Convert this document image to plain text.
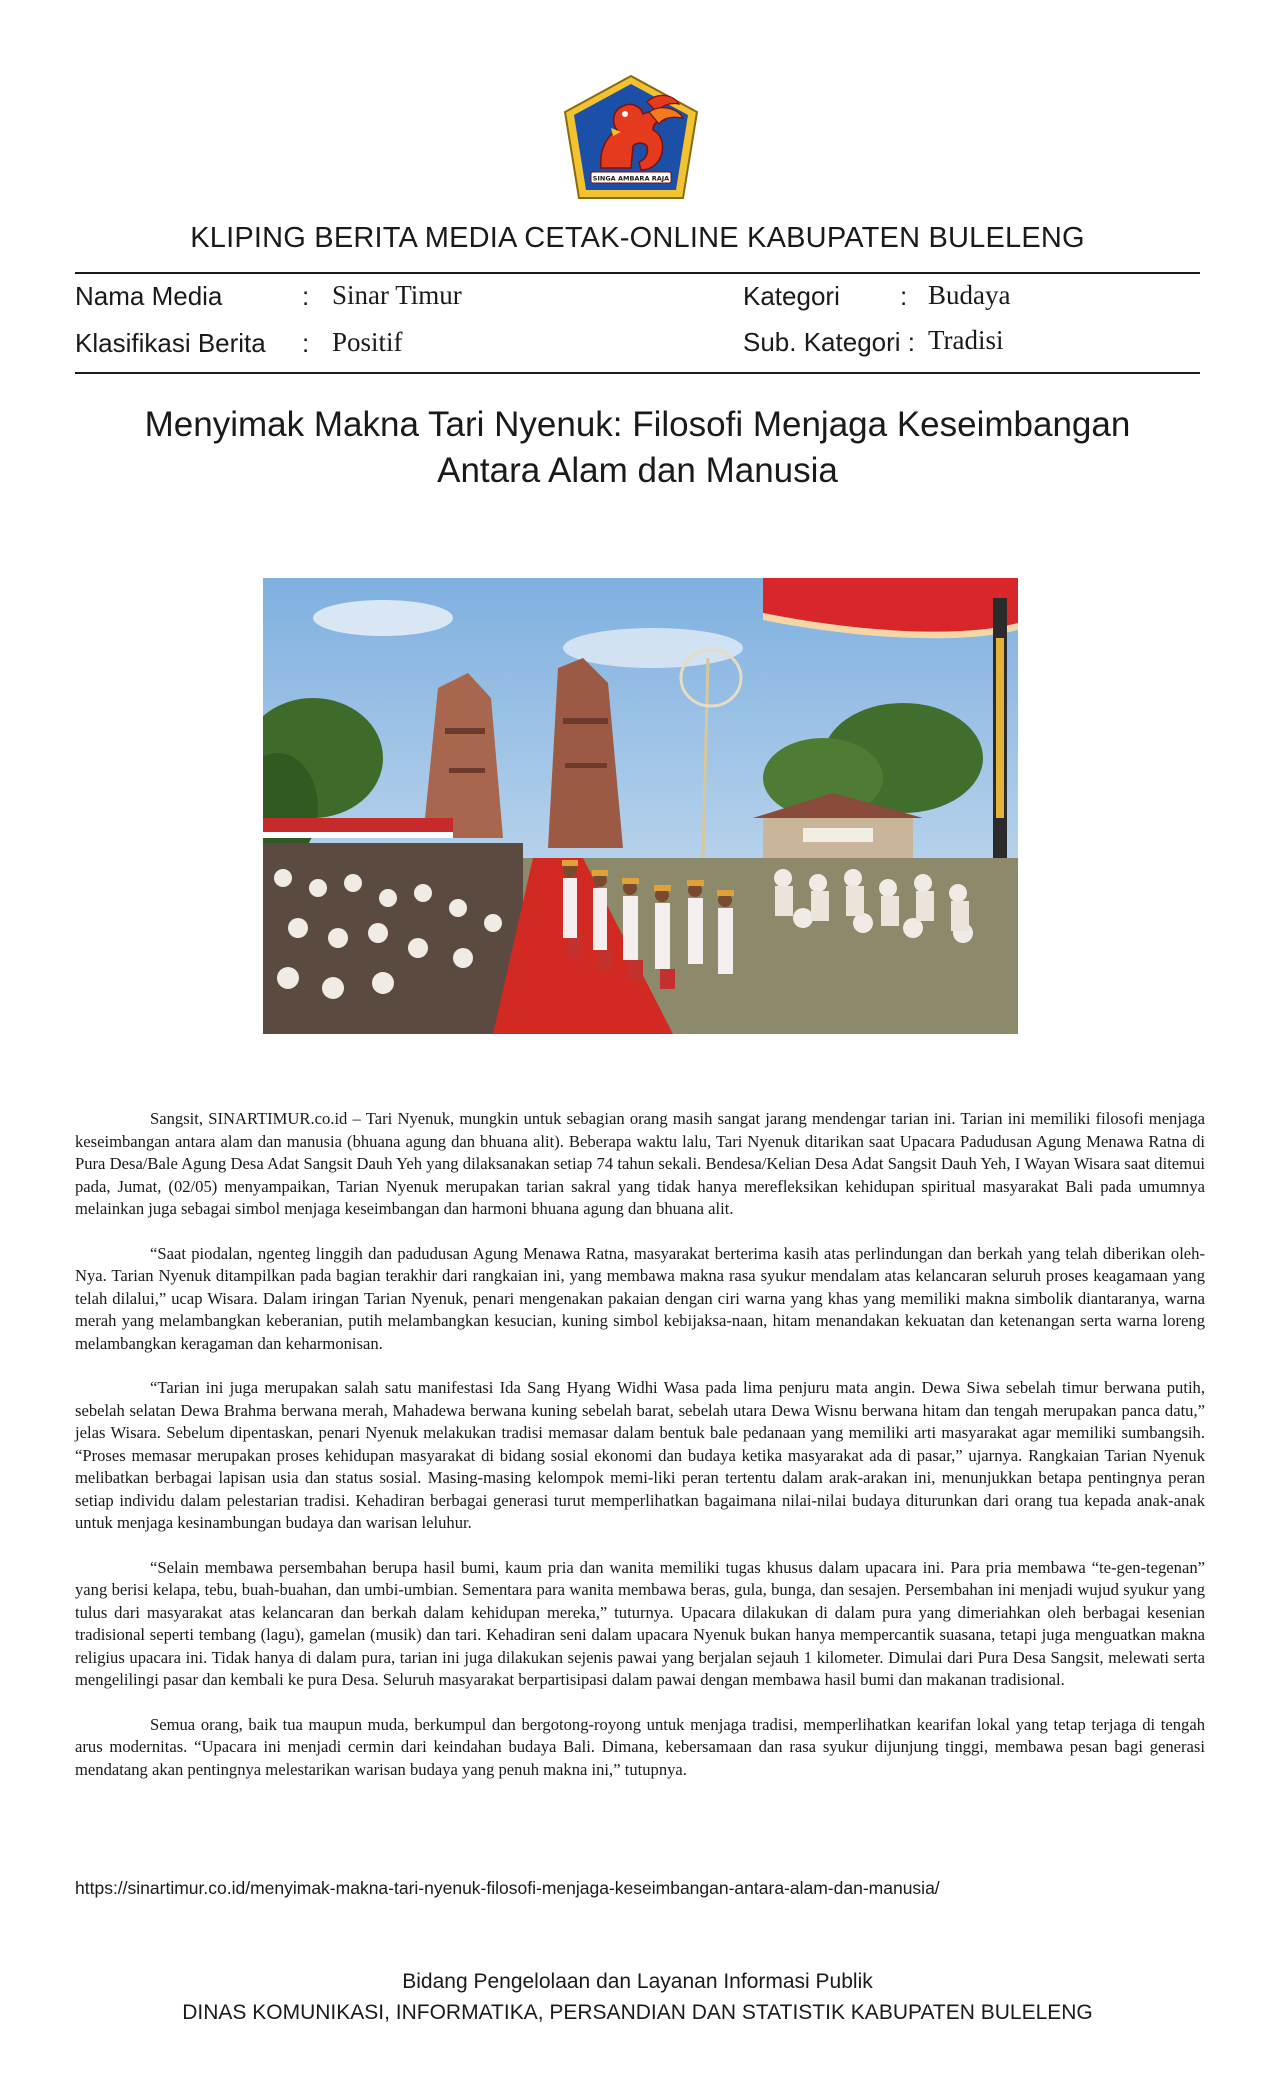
SINGA AMBARA RAJA
KLIPING BERITA MEDIA CETAK-ONLINE KABUPATEN BULELENG
Nama Media	: Sinar Timur	Kategori : Budaya
Klasifikasi Berita : Positif	Sub. Kategori : Tradisi
Menyimak Makna Tari Nyenuk: Filosofi Menjaga Keseimbangan
Antara Alam dan Manusia

Sangsit, SINARTIMUR.co.id – Tari Nyenuk, mungkin untuk sebagian orang masih sangat jarang mendengar tarian ini. Tarian ini memiliki filosofi menjaga keseimbangan antara alam dan manusia (bhuana agung dan bhuana alit). Beberapa waktu lalu, Tari Nyenuk ditarikan saat Upacara Padudusan Agung Menawa Ratna di Pura Desa/Bale Agung Desa Adat Sangsit Dauh Yeh yang dilaksanakan setiap 74 tahun sekali. Bendesa/Kelian Desa Adat Sangsit Dauh Yeh, I Wayan Wisara saat ditemui pada, Jumat, (02/05) menyampaikan, Tarian Nyenuk merupakan tarian sakral yang tidak hanya merefleksikan kehidupan spiritual masyarakat Bali pada umumnya melainkan juga sebagai simbol menjaga keseimbangan dan harmoni bhuana agung dan bhuana alit.

“Saat piodalan, ngenteg linggih dan padudusan Agung Menawa Ratna, masyarakat berterima kasih atas perlindungan dan berkah yang telah diberikan oleh-Nya. Tarian Nyenuk ditampilkan pada bagian terakhir dari rangkaian ini, yang membawa makna rasa syukur mendalam atas kelancaran seluruh proses keagamaan yang telah dilalui,” ucap Wisara. Dalam iringan Tarian Nyenuk, penari mengenakan pakaian dengan ciri warna yang khas yang memiliki makna simbolik diantaranya, warna merah yang melambangkan keberanian, putih melambangkan kesucian, kuning simbol kebijaksa-naan, hitam menandakan kekuatan dan ketenangan serta warna loreng melambangkan keragaman dan keharmonisan.

“Tarian ini juga merupakan salah satu manifestasi Ida Sang Hyang Widhi Wasa pada lima penjuru mata angin. Dewa Siwa sebelah timur berwana putih, sebelah selatan Dewa Brahma berwana merah, Mahadewa berwana kuning sebelah barat, sebelah utara Dewa Wisnu berwana hitam dan tengah merupakan panca datu,” jelas Wisara. Sebelum dipentaskan, penari Nyenuk melakukan tradisi memasar dalam bentuk bale pedanaan yang memiliki arti masyarakat agar memiliki sumbangsih. “Proses memasar merupakan proses kehidupan masyarakat di bidang sosial ekonomi dan budaya ketika masyarakat ada di pasar,” ujarnya. Rangkaian Tarian Nyenuk melibatkan berbagai lapisan usia dan status sosial. Masing-masing kelompok memi-liki peran tertentu dalam arak-arakan ini, menunjukkan betapa pentingnya peran setiap individu dalam pelestarian tradisi. Kehadiran berbagai generasi turut memperlihatkan bagaimana nilai-nilai budaya diturunkan dari orang tua kepada anak-anak untuk menjaga kesinambungan budaya dan warisan leluhur.

“Selain membawa persembahan berupa hasil bumi, kaum pria dan wanita memiliki tugas khusus dalam upacara ini. Para pria membawa “te-gen-tegenan” yang berisi kelapa, tebu, buah-buahan, dan umbi-umbian. Sementara para wanita membawa beras, gula, bunga, dan sesajen. Persembahan ini menjadi wujud syukur yang tulus dari masyarakat atas kelancaran dan berkah dalam kehidupan mereka,” tuturnya. Upacara dilakukan di dalam pura yang dimeriahkan oleh berbagai kesenian tradisional seperti tembang (lagu), gamelan (musik) dan tari. Kehadiran seni dalam upacara Nyenuk bukan hanya mempercantik suasana, tetapi juga menguatkan makna religius upacara ini. Tidak hanya di dalam pura, tarian ini juga dilakukan sejenis pawai yang berjalan sejauh 1 kilometer. Dimulai dari Pura Desa Sangsit, melewati serta mengelilingi pasar dan kembali ke pura Desa. Seluruh masyarakat berpartisipasi dalam pawai dengan membawa hasil bumi dan makanan tradisional.

Semua orang, baik tua maupun muda, berkumpul dan bergotong-royong untuk menjaga tradisi, memperlihatkan kearifan lokal yang tetap terjaga di tengah arus modernitas. “Upacara ini menjadi cermin dari keindahan budaya Bali. Dimana, kebersamaan dan rasa syukur dijunjung tinggi, membawa pesan bagi generasi mendatang akan pentingnya melestarikan warisan budaya yang penuh makna ini,” tutupnya.

https://sinartimur.co.id/menyimak-makna-tari-nyenuk-filosofi-menjaga-keseimbangan-antara-alam-dan-manusia/
Bidang Pengelolaan dan Layanan Informasi Publik
DINAS KOMUNIKASI, INFORMATIKA, PERSANDIAN DAN STATISTIK KABUPATEN BULELENG
